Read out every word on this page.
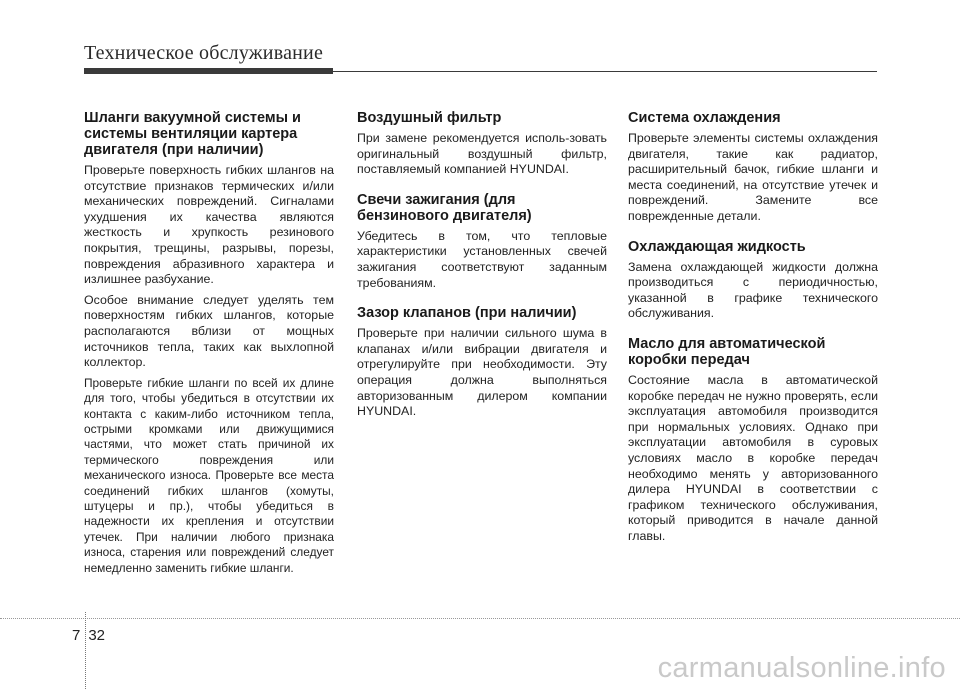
Техническое обслуживание
Шланги вакуумной системы и системы вентиляции картера двигателя (при наличии)

Проверьте поверхность гибких шлангов на отсутствие признаков термических и/или механических повреждений. Сигналами ухудшения их качества являются жесткость и хрупкость резинового покрытия, трещины, разрывы, порезы, повреждения абразивного характера и излишнее разбухание.

Особое внимание следует уделять тем поверхностям гибких шлангов, которые располагаются вблизи от мощных источников тепла, таких как выхлопной коллектор.

Проверьте гибкие шланги по всей их длине для того, чтобы убедиться в отсутствии их контакта с каким-либо источником тепла, острыми кромками или движущимися частями, что может стать причиной их термического повреждения или механического износа. Проверьте все места соединений гибких шлангов (хомуты, штуцеры и пр.), чтобы убедиться в надежности их крепления и отсутствии утечек. При наличии любого признака износа, старения или повреждений следует немедленно заменить гибкие шланги.

Воздушный фильтр

При замене рекомендуется исполь-зовать оригинальный воздушный фильтр, поставляемый компанией HYUNDAI.

Свечи зажигания (для бензинового двигателя)

Убедитесь в том, что тепловые характеристики установленных свечей зажигания соответствуют заданным требованиям.

Зазор клапанов (при наличии)

Проверьте при наличии сильного шума в клапанах и/или вибрации двигателя и отрегулируйте при необходимости. Эту операция должна выполняться авторизованным дилером компании HYUNDAI.

Система охлаждения

Проверьте элементы системы охлаждения двигателя, такие как радиатор, расширительный бачок, гибкие шланги и места соединений, на отсутствие утечек и повреждений. Замените все поврежденные детали.

Охлаждающая жидкость

Замена охлаждающей жидкости должна производиться с периодичностью, указанной в графике технического обслуживания.

Масло для автоматической коробки передач

Состояние масла в автоматической коробке передач не нужно проверять, если эксплуатация автомобиля производится при нормальных условиях. Однако при эксплуатации автомобиля в суровых условиях масло в коробке передач необходимо менять у авторизованного дилера HYUNDAI в соответствии с графиком технического обслуживания, который приводится в начале данной главы.

7 32
carmanualsonline.info
